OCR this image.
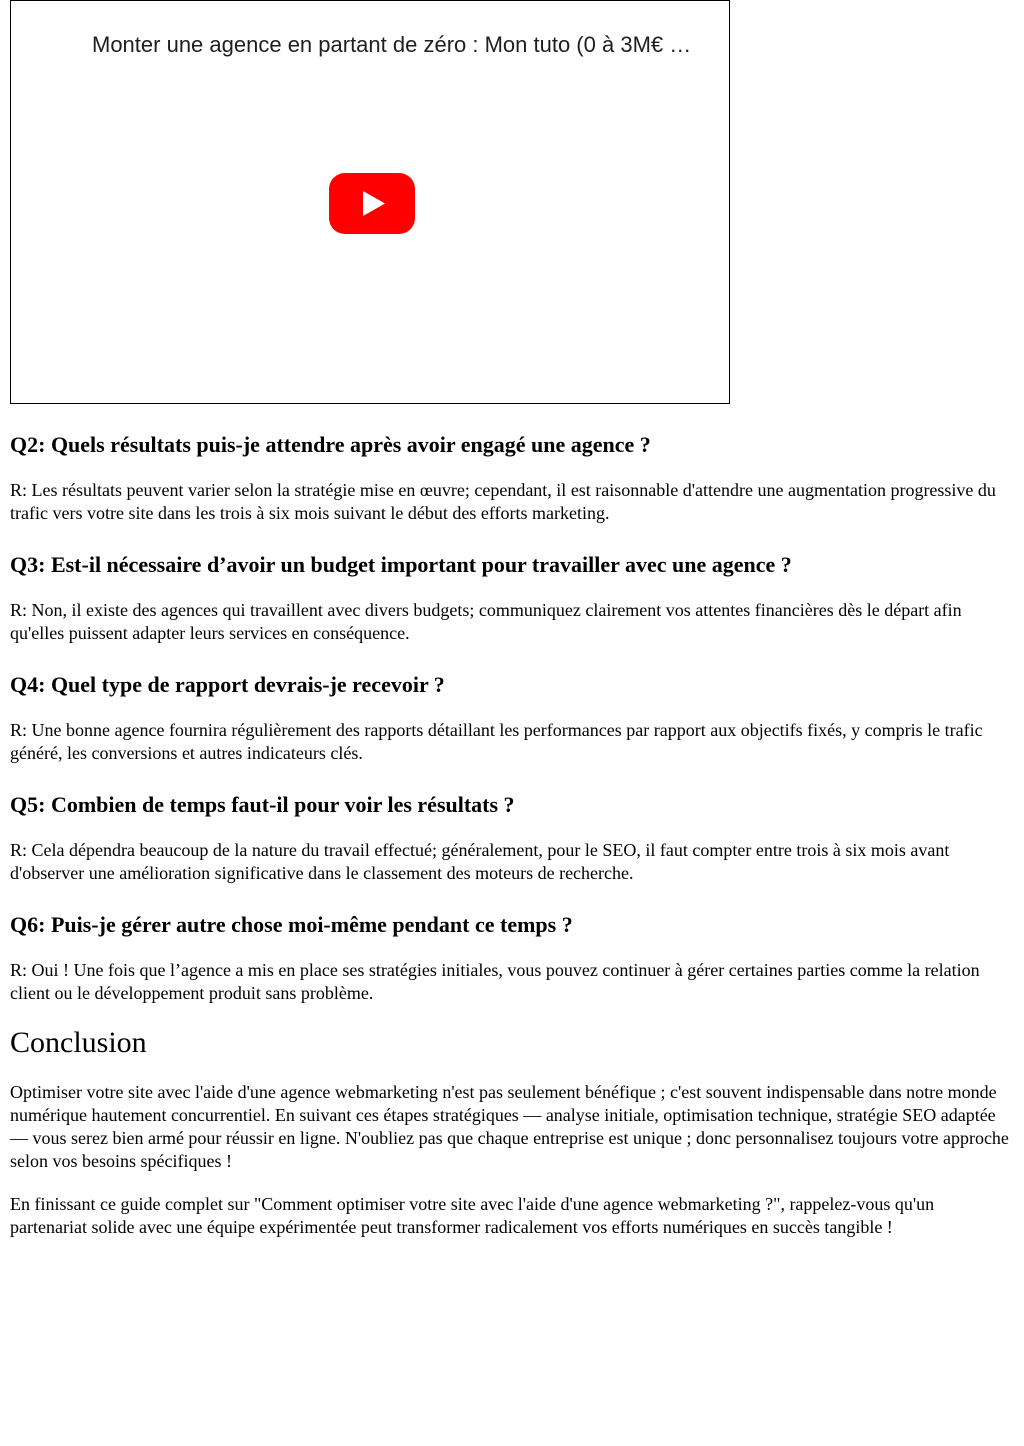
Monter une agence en partant de zéro : Mon tuto (0 à 3M€ …
Q2: Quels résultats puis-je attendre après avoir engagé une agence ?

R: Les résultats peuvent varier selon la stratégie mise en œuvre; cependant, il est raisonnable d'attendre une augmentation progressive du trafic vers votre site dans les trois à six mois suivant le début des efforts marketing.

Q3: Est-il nécessaire d’avoir un budget important pour travailler avec une agence ?

R: Non, il existe des agences qui travaillent avec divers budgets; communiquez clairement vos attentes financières dès le départ afin qu'elles puissent adapter leurs services en conséquence.

Q4: Quel type de rapport devrais-je recevoir ?

R: Une bonne agence fournira régulièrement des rapports détaillant les performances par rapport aux objectifs fixés, y compris le trafic généré, les conversions et autres indicateurs clés.

Q5: Combien de temps faut-il pour voir les résultats ?

R: Cela dépendra beaucoup de la nature du travail effectué; généralement, pour le SEO, il faut compter entre trois à six mois avant d'observer une amélioration significative dans le classement des moteurs de recherche.

Q6: Puis-je gérer autre chose moi-même pendant ce temps ?

R: Oui ! Une fois que l’agence a mis en place ses stratégies initiales, vous pouvez continuer à gérer certaines parties comme la relation client ou le développement produit sans problème.

Conclusion

Optimiser votre site avec l'aide d'une agence webmarketing n'est pas seulement bénéfique ; c'est souvent indispensable dans notre monde numérique hautement concurrentiel. En suivant ces étapes stratégiques — analyse initiale, optimisation technique, stratégie SEO adaptée — vous serez bien armé pour réussir en ligne. N'oubliez pas que chaque entreprise est unique ; donc personnalisez toujours votre approche selon vos besoins spécifiques !

En finissant ce guide complet sur "Comment optimiser votre site avec l'aide d'une agence webmarketing ?", rappelez-vous qu'un partenariat solide avec une équipe expérimentée peut transformer radicalement vos efforts numériques en succès tangible !
